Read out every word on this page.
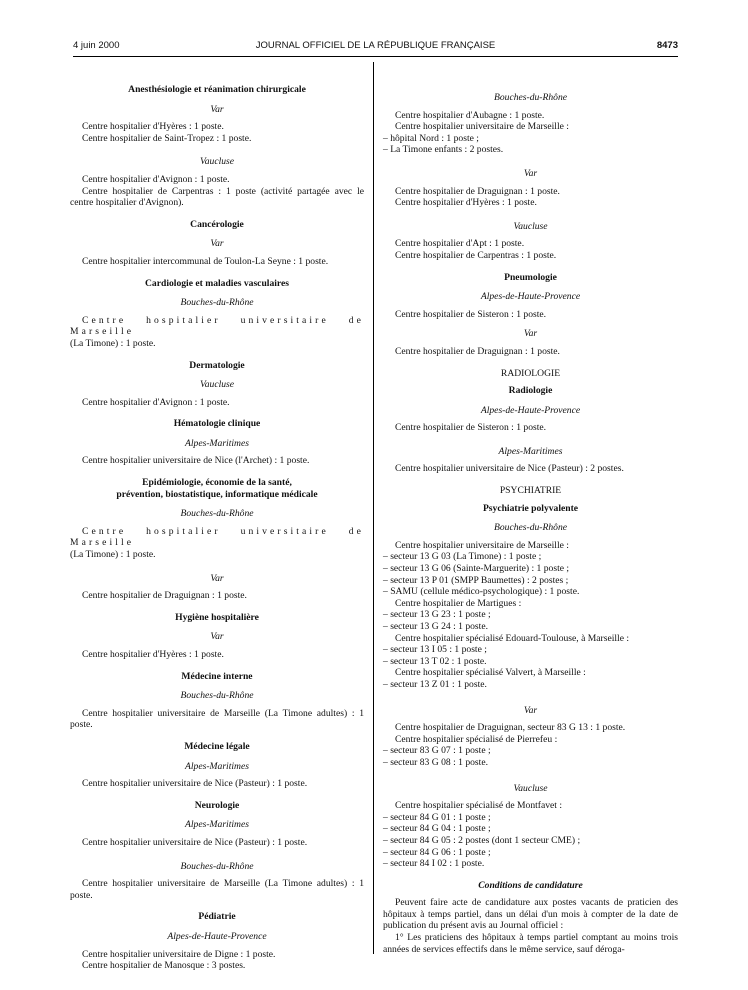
4 juin 2000	JOURNAL OFFICIEL DE LA RÉPUBLIQUE FRANÇAISE	8473

Anesthésiologie et réanimation chirurgicale

Var

Centre hospitalier d'Hyères : 1 poste.

Centre hospitalier de Saint-Tropez : 1 poste.

Vaucluse

Centre hospitalier d'Avignon : 1 poste.

Centre hospitalier de Carpentras : 1 poste (activité partagée avec le centre hospitalier d'Avignon).

Cancérologie

Var

Centre hospitalier intercommunal de Toulon-La Seyne : 1 poste.

Cardiologie et maladies vasculaires

Bouches-du-Rhône

Centre hospitalier universitaire de Marseille

(La Timone) : 1 poste.

Dermatologie

Vaucluse

Centre hospitalier d'Avignon : 1 poste.

Hématologie clinique

Alpes-Maritimes

Centre hospitalier universitaire de Nice (l'Archet) : 1 poste.

Epidémiologie, économie de la santé,

prévention, biostatistique, informatique médicale

Bouches-du-Rhône

Centre hospitalier universitaire de Marseille

(La Timone) : 1 poste.

Var

Centre hospitalier de Draguignan : 1 poste.

Hygiène hospitalière

Var

Centre hospitalier d'Hyères : 1 poste.

Médecine interne

Bouches-du-Rhône

Centre hospitalier universitaire de Marseille (La Timone adultes) : 1 poste.

Médecine légale

Alpes-Maritimes

Centre hospitalier universitaire de Nice (Pasteur) : 1 poste.

Neurologie

Alpes-Maritimes

Centre hospitalier universitaire de Nice (Pasteur) : 1 poste.

Bouches-du-Rhône

Centre hospitalier universitaire de Marseille (La Timone adultes) : 1 poste.

Pédiatrie

Alpes-de-Haute-Provence

Centre hospitalier universitaire de Digne : 1 poste.

Centre hospitalier de Manosque : 3 postes.

Bouches-du-Rhône

Centre hospitalier d'Aubagne : 1 poste.

Centre hospitalier universitaire de Marseille :

– hôpital Nord : 1 poste ;

– La Timone enfants : 2 postes.

Var

Centre hospitalier de Draguignan : 1 poste.

Centre hospitalier d'Hyères : 1 poste.

Vaucluse

Centre hospitalier d'Apt : 1 poste.

Centre hospitalier de Carpentras : 1 poste.

Pneumologie

Alpes-de-Haute-Provence

Centre hospitalier de Sisteron : 1 poste.

Var

Centre hospitalier de Draguignan : 1 poste.

RADIOLOGIE

Radiologie

Alpes-de-Haute-Provence

Centre hospitalier de Sisteron : 1 poste.

Alpes-Maritimes

Centre hospitalier universitaire de Nice (Pasteur) : 2 postes.

PSYCHIATRIE

Psychiatrie polyvalente

Bouches-du-Rhône

Centre hospitalier universitaire de Marseille :

– secteur 13 G 03 (La Timone) : 1 poste ;

– secteur 13 G 06 (Sainte-Marguerite) : 1 poste ;

– secteur 13 P 01 (SMPP Baumettes) : 2 postes ;

– SAMU (cellule médico-psychologique) : 1 poste.

Centre hospitalier de Martigues :

– secteur 13 G 23 : 1 poste ;

– secteur 13 G 24 : 1 poste.

Centre hospitalier spécialisé Edouard-Toulouse, à Marseille :

– secteur 13 I 05 : 1 poste ;

– secteur 13 T 02 : 1 poste.

Centre hospitalier spécialisé Valvert, à Marseille :

– secteur 13 Z 01 : 1 poste.

Var

Centre hospitalier de Draguignan, secteur 83 G 13 : 1 poste.

Centre hospitalier spécialisé de Pierrefeu :

– secteur 83 G 07 : 1 poste ;

– secteur 83 G 08 : 1 poste.

Vaucluse

Centre hospitalier spécialisé de Montfavet :

– secteur 84 G 01 : 1 poste ;

– secteur 84 G 04 : 1 poste ;

– secteur 84 G 05 : 2 postes (dont 1 secteur CME) ;

– secteur 84 G 06 : 1 poste ;

– secteur 84 I 02 : 1 poste.

Conditions de candidature

Peuvent faire acte de candidature aux postes vacants de praticien des hôpitaux à temps partiel, dans un délai d'un mois à compter de la date de publication du présent avis au Journal officiel :

1° Les praticiens des hôpitaux à temps partiel comptant au moins trois années de services effectifs dans le même service, sauf déroga-
